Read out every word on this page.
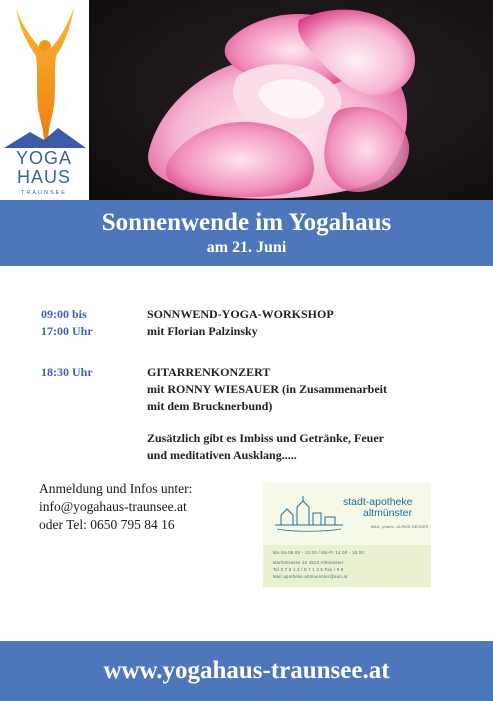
YOGA
HAUS
TRAUNSEE
Sonnenwende im Yogahaus
am 21. Juni
09:00 bis
17:00 Uhr
SONNWEND-YOGA-WORKSHOP
mit Florian Palzinsky
18:30 Uhr	GITARRENKONZERT
mit RONNY WIESAUER (in Zusammenarbeit
mit dem Brucknerbund)
Zusätzlich gibt es Imbiss und Getränke, Feuer
und meditativen Ausklang.....
Anmeldung und Infos unter:
info@yogahaus-traunsee.at
oder Tel: 0650 795 84 16
stadt-apotheke
altmünster
MAG. pharm. ULRIKE DECKER
Mo-Sa 08.00 - 12.00 / Mo-Fr 14.00 - 18.00
Marktstrasse 15 4813 Altmünster
Tel 0 7 6 1 2 / 8 7 1 3 5 Fax / 9 9
Mail apotheke.altmuenster@aon.at
www.yogahaus-traunsee.at
